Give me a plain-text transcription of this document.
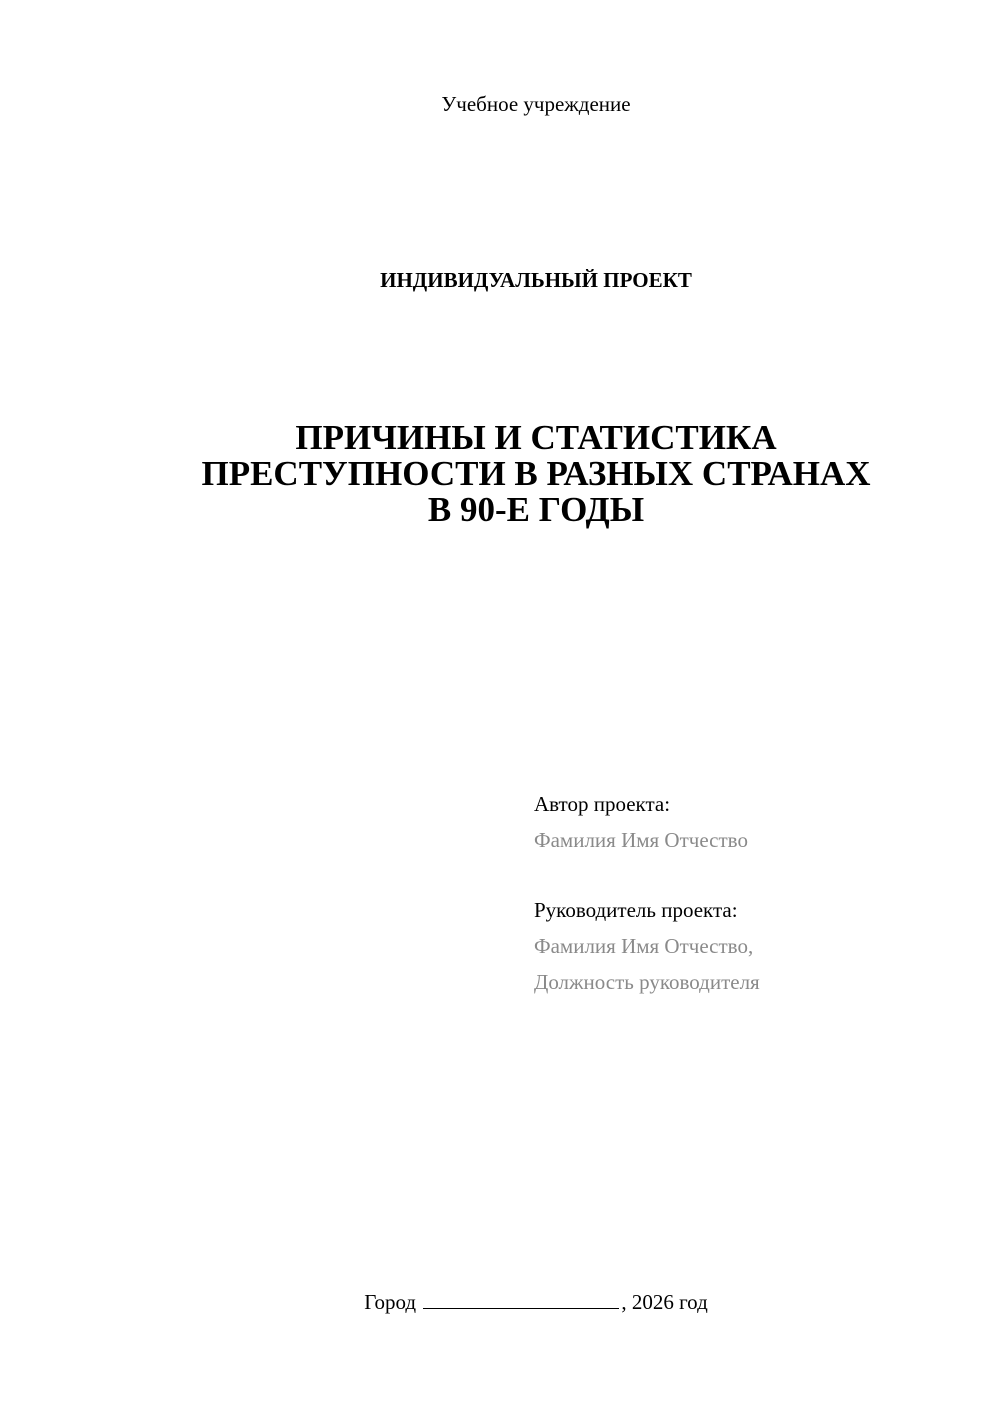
Учебное учреждение
ИНДИВИДУАЛЬНЫЙ ПРОЕКТ
ПРИЧИНЫ И СТАТИСТИКА
ПРЕСТУПНОСТИ В РАЗНЫХ СТРАНАХ
В 90-Е ГОДЫ
Автор проекта:
Фамилия Имя Отчество
Руководитель проекта:
Фамилия Имя Отчество,
Должность руководителя
Город	, 2026 год
